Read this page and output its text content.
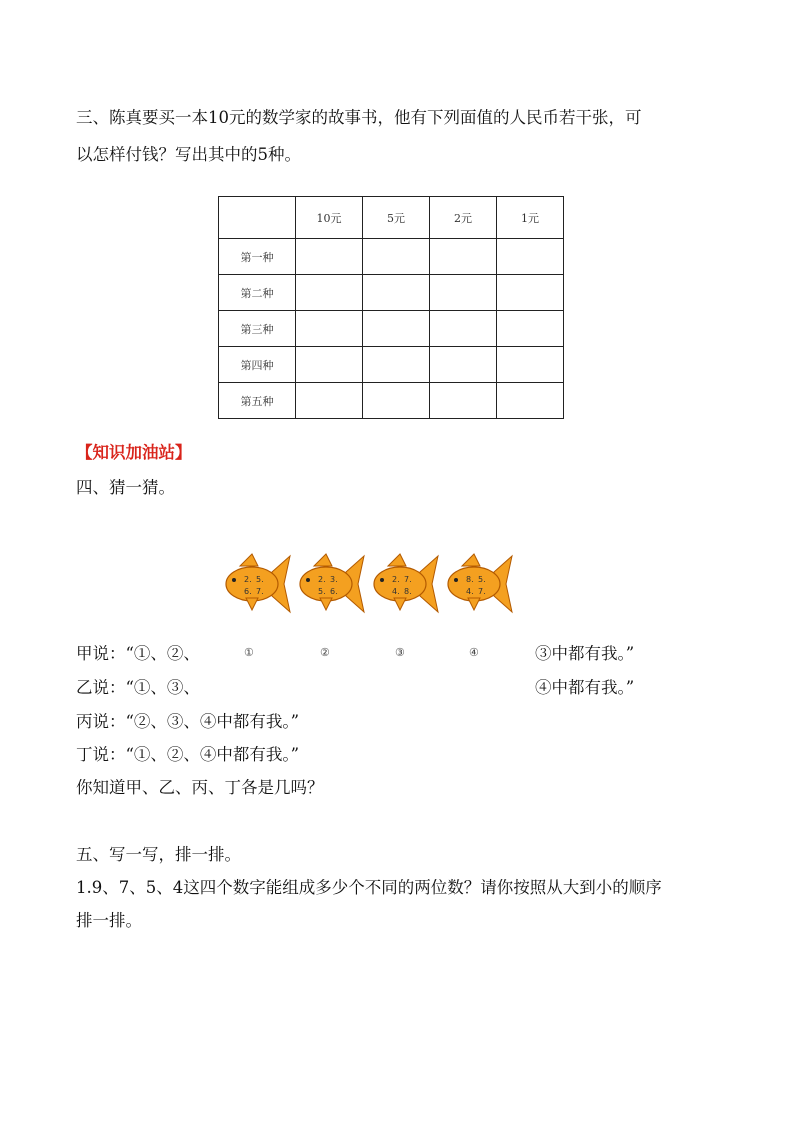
三、陈真要买一本10元的数学家的故事书，他有下列面值的人民币若干张，可
以怎样付钱？写出其中的5种。
	10元	5元	2元	1元
第一种				
第二种				
第三种				
第四种				
第五种				
【知识加油站】
四、猜一猜。
2. 5.
6. 7.
2. 3.
5. 6.
2. 7.
4. 8.
8. 5.
4. 7.
①	②	③	④
甲说：“①、②、	③中都有我。”
乙说：“①、③、	④中都有我。”
丙说：“②、③、④中都有我。”
丁说：“①、②、④中都有我。”
你知道甲、乙、丙、丁各是几吗？
五、写一写，排一排。
1.9、7、5、4这四个数字能组成多少个不同的两位数？请你按照从大到小的顺序
排一排。
